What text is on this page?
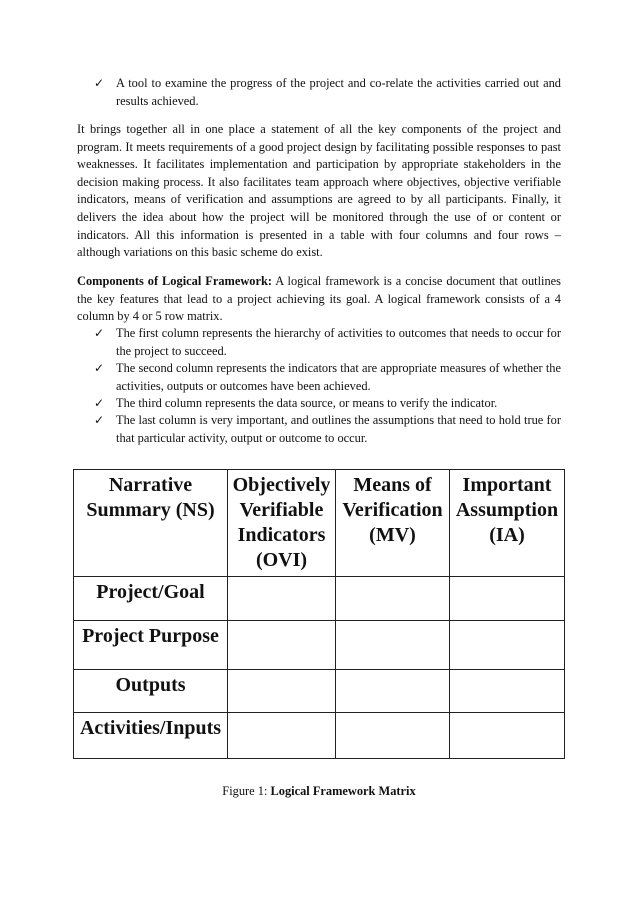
✓ A tool to examine the progress of the project and co-relate the activities carried out and results achieved.
It brings together all in one place a statement of all the key components of the project and program. It meets requirements of a good project design by facilitating possible responses to past weaknesses. It facilitates implementation and participation by appropriate stakeholders in the decision making process. It also facilitates team approach where objectives, objective verifiable indicators, means of verification and assumptions are agreed to by all participants. Finally, it delivers the idea about how the project will be monitored through the use of or content or indicators. All this information is presented in a table with four columns and four rows – although variations on this basic scheme do exist.
Components of Logical Framework: A logical framework is a concise document that outlines the key features that lead to a project achieving its goal. A logical framework consists of a 4 column by 4 or 5 row matrix.
✓ The first column represents the hierarchy of activities to outcomes that needs to occur for the project to succeed.
✓ The second column represents the indicators that are appropriate measures of whether the activities, outputs or outcomes have been achieved.
✓ The third column represents the data source, or means to verify the indicator.
✓ The last column is very important, and outlines the assumptions that need to hold true for that particular activity, output or outcome to occur.
Narrative Summary (NS)	Objectively Verifiable Indicators (OVI)	Means of Verification (MV)	Important Assumption (IA)
Project/Goal			
Project Purpose			
Outputs			
Activities/Inputs			
Figure 1: Logical Framework Matrix
